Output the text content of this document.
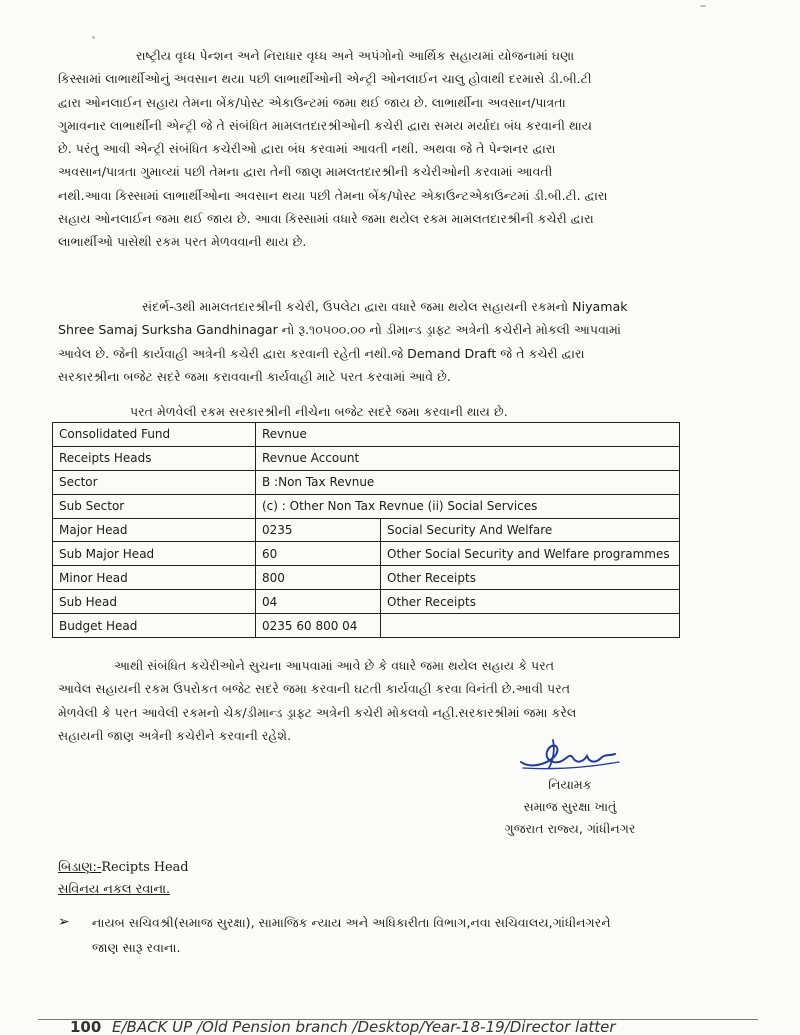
રાષ્ટ્રીય વૃધ્ધ પેન્શન અને નિરાધાર વૃધ્ધ અને અપંગોનો આર્થિક સહાયમાં યોજનામાં ઘણા
કિસ્સામાં લાભાર્થીઓનું અવસાન થયા પછી લાભાર્થીઓની એન્ટ્રી ઓનલાઈન ચાલુ હોવાથી દરમાસે ડી.બી.ટી
દ્વારા ઓનલાઈન સહાય તેમના બેંક/પોસ્ટ એકાઉન્ટમાં જમા થઈ જાય છે. લાભાર્થીના અવસાન/પાત્રતા
ગુમાવનાર લાભાર્થીની એન્ટ્રી જે તે સંબંધિત મામલતદારશ્રીઓની કચેરી દ્વારા સમય મર્યાદા બંધ કરવાની થાય
છે. પરંતુ આવી એન્ટ્રી સંબંધિત કચેરીઓ દ્વારા બંધ કરવામાં આવતી નથી. અથવા જે તે પેન્શનર દ્વારા
અવસાન/પાત્રતા ગુમાવ્યાં પછી તેમના દ્વારા તેની જાણ મામલતદારશ્રીની કચેરીઓની કરવામાં આવતી
નથી.આવા કિસ્સામાં લાભાર્થીઓના અવસાન થયા પછી તેમના બેંક/પોસ્ટ એકાઉન્ટએકાઉન્ટમાં ડી.બી.ટી. દ્વારા
સહાય ઓનલાઈન જમા થઈ જાય છે. આવા કિસ્સામાં વધારે જમા થયેલ રકમ મામલતદારશ્રીની કચેરી દ્વારા
લાભાર્થીઓ પાસેથી રકમ પરત મેળવવાની થાય છે.
સંદર્ભ-૩થી મામલતદારશ્રીની કચેરી, ઉપલેટા દ્વારા વધારે જમા થયેલ સહાયની રકમનો Niyamak
Shree Samaj Surksha Gandhinagar નો રૂ.૧૦૫૦૦.૦૦ નો ડીમાન્ડ ડ્રાફ્ટ અત્રેની કચેરીને મોકલી આપવામાં
આવેલ છે. જેની કાર્યવાહી અત્રેની કચેરી દ્વારા કરવાની રહેતી નથી.જે Demand Draft જે તે કચેરી દ્વારા
સરકારશ્રીના બજેટ સદરે જમા કરાવવાની કાર્યવાહી માટે પરત કરવામાં આવે છે.
પરત મેળવેલી રકમ સરકારશ્રીની નીચેના બજેટ સદરે જમા કરવાની થાય છે.
Consolidated Fund	Revnue	
Receipts Heads	Revnue Account	
Sector	B :Non Tax Revnue	
Sub Sector	(c) : Other Non Tax Revnue (ii) Social Services	
Major Head	0235	Social Security And Welfare
Sub Major Head	60	Other Social Security and Welfare programmes
Minor Head	800	Other Receipts
Sub Head	04	Other Receipts
Budget Head	0235 60 800 04	
આથી સંબંધિત કચેરીઓને સુચના આપવામાં આવે છે કે વધારે જમા થયેલ સહાય કે પરત
આવેલ સહાયની રકમ ઉપરોકત બજેટ સદરે જમા કરવાની ઘટતી કાર્યવાહી કરવા વિનંતી છે.આવી પરત
મેળવેલી કે પરત આવેલી રકમનો ચેક/ડીમાન્ડ ડ્રાફ્ટ અત્રેની કચેરી મોકલવો નહી.સરકારશ્રીમાં જમા કરેલ
સહાયની જાણ અત્રેની કચેરીને કરવાની રહેશે.
નિયામક
સમાજ સુરક્ષા ખાતું
ગુજરાત રાજ્ય, ગાંધીનગર
બિડાણ:-Recipts Head
સવિનય નકલ રવાના.
➢ નાયબ સચિવશ્રી(સમાજ સુરક્ષા), સામાજિક ન્યાય અને અધિકારીતા વિભાગ,નવા સચિવાલય,ગાંધીનગરને
જાણ સારૂ રવાના.
100 E/BACK UP /Old Pension branch /Desktop/Year-18-19/Director latter
